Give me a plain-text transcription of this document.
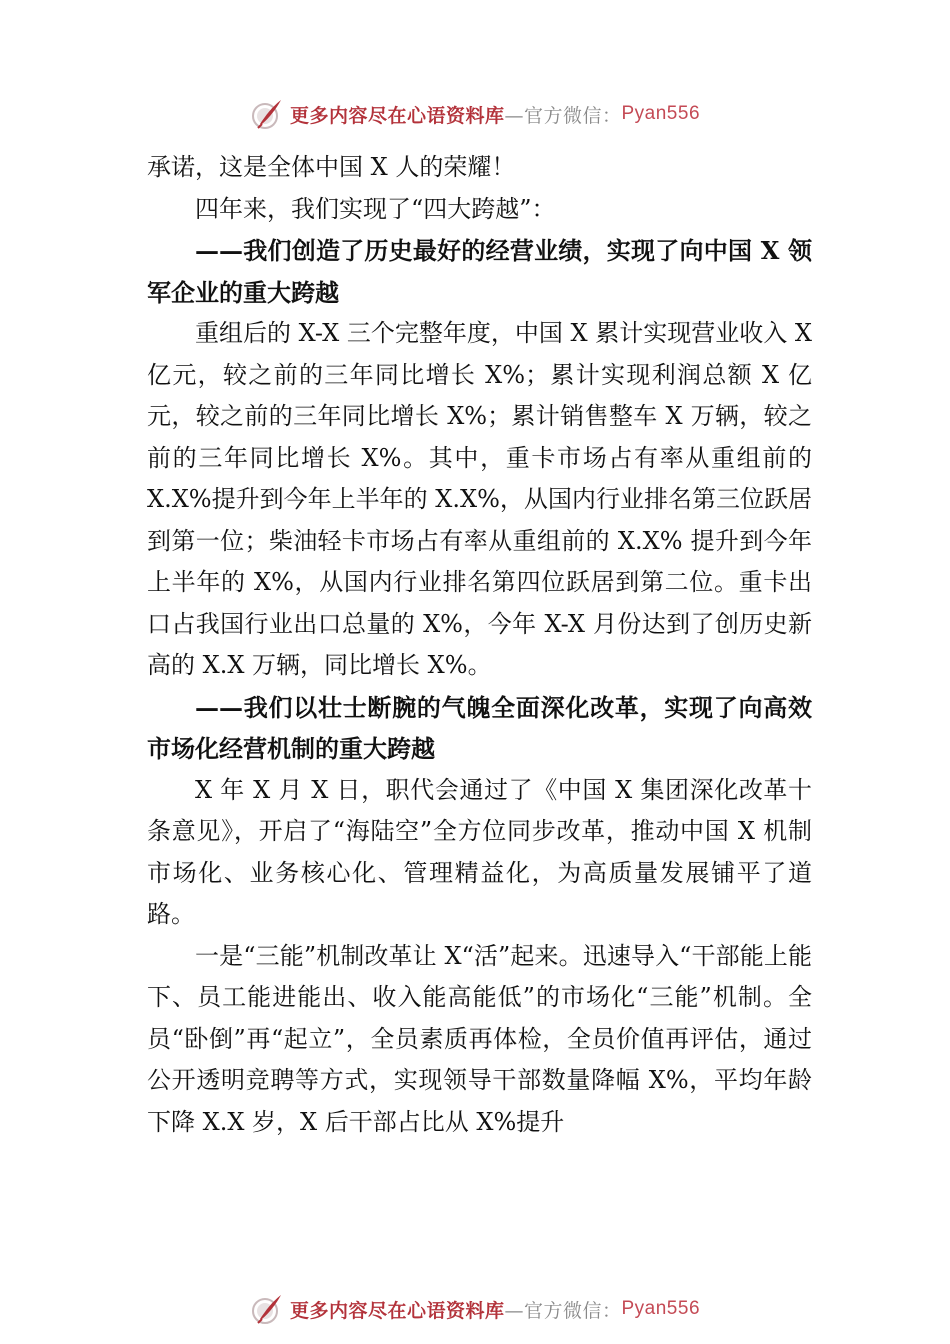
更多内容尽在心语资料库 —官方微信： Pyan556

承诺，这是全体中国 X 人的荣耀！

四年来，我们实现了“四大跨越”：

——我们创造了历史最好的经营业绩，实现了向中国 X 领军企业的重大跨越

重组后的 X-X 三个完整年度，中国 X 累计实现营业收入 X 亿元，较之前的三年同比增长 X%；累计实现利润总额 X 亿元，较之前的三年同比增长 X%；累计销售整车 X 万辆，较之前的三年同比增长 X%。其中，重卡市场占有率从重组前的 X.X%提升到今年上半年的 X.X%，从国内行业排名第三位跃居到第一位；柴油轻卡市场占有率从重组前的 X.X% 提升到今年上半年的 X%，从国内行业排名第四位跃居到第二位。重卡出口占我国行业出口总量的 X%，今年 X-X 月份达到了创历史新高的 X.X 万辆，同比增长 X%。

——我们以壮士断腕的气魄全面深化改革，实现了向高效市场化经营机制的重大跨越

X 年 X 月 X 日，职代会通过了《中国 X 集团深化改革十条意见》，开启了“海陆空”全方位同步改革，推动中国 X 机制市场化、业务核心化、管理精益化，为高质量发展铺平了道路。

一是“三能”机制改革让 X“活”起来。迅速导入“干部能上能下、员工能进能出、收入能高能低”的市场化“三能”机制。全员“卧倒”再“起立”，全员素质再体检，全员价值再评估，通过公开透明竞聘等方式，实现领导干部数量降幅 X%，平均年龄下降 X.X 岁，X 后干部占比从 X%提升

更多内容尽在心语资料库 —官方微信： Pyan556
